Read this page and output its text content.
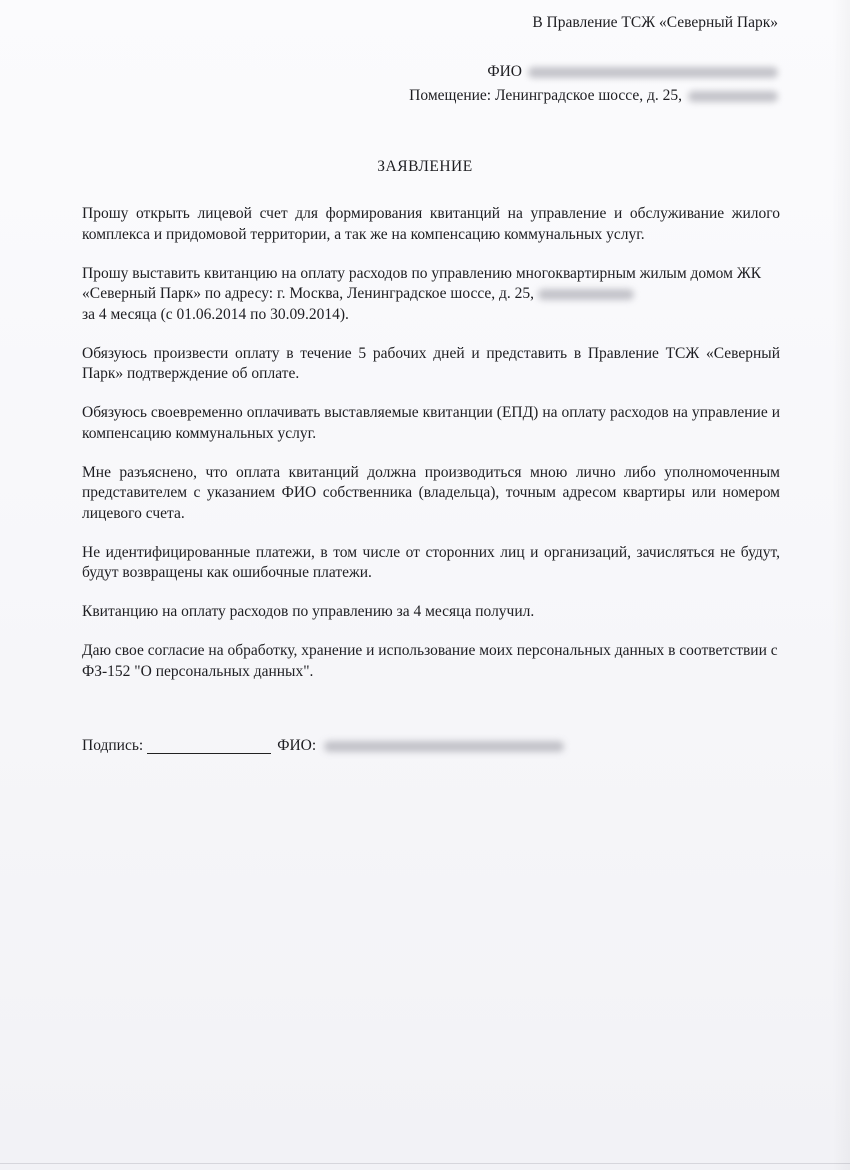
В Правление ТСЖ «Северный Парк»
ФИО
Помещение: Ленинградское шоссе, д. 25,
ЗАЯВЛЕНИЕ

Прошу открыть лицевой счет для формирования квитанций на управление и обслуживание жилого комплекса и придомовой территории, а так же на компенсацию коммунальных услуг.

Прошу выставить квитанцию на оплату расходов по управлению многоквартирным жилым домом ЖК «Северный Парк» по адресу: г. Москва, Ленинградское шоссе, д. 25,
за 4 месяца (с 01.06.2014 по 30.09.2014).

Обязуюсь произвести оплату в течение 5 рабочих дней и представить в Правление ТСЖ «Северный Парк» подтверждение об оплате.

Обязуюсь своевременно оплачивать выставляемые квитанции (ЕПД) на оплату расходов на управление и компенсацию коммунальных услуг.

Мне разъяснено, что оплата квитанций должна производиться мною лично либо уполномоченным представителем с указанием ФИО собственника (владельца), точным адресом квартиры или номером лицевого счета.

Не идентифицированные платежи, в том числе от сторонних лиц и организаций, зачисляться не будут, будут возвращены как ошибочные платежи.

Квитанцию на оплату расходов по управлению за 4 месяца получил.

Даю свое согласие на обработку, хранение и использование моих персональных данных в соответствии с ФЗ-152 "О персональных данных".

Подпись:	ФИО:
